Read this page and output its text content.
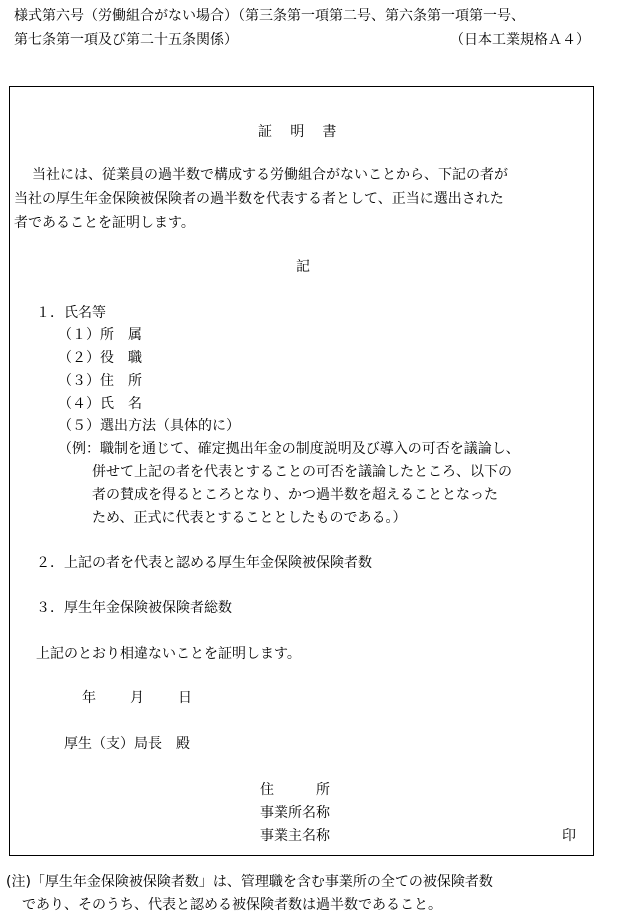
様式第六号（労働組合がない場合）（第三条第一項第二号、第六条第一項第一号、
第七条第一項及び第二十五条関係）	（日本工業規格Ａ４）
証　明　書
当社には、従業員の過半数で構成する労働組合がないことから、下記の者が
当社の厚生年金保険被保険者の過半数を代表する者として、正当に選出された
者であることを証明します。
記
１．氏名等
（１）所　属
（２）役　職
（３）住　所
（４）氏　名
（５）選出方法（具体的に）
（例： 職制を通じて、確定拠出年金の制度説明及び導入の可否を議論し、
併せて上記の者を代表とすることの可否を議論したところ、以下の
者の賛成を得るところとなり、かつ過半数を超えることとなった
ため、正式に代表とすることとしたものである。）
２．上記の者を代表と認める厚生年金保険被保険者数
３．厚生年金保険被保険者総数
上記のとおり相違ないことを証明します。
年 月 日
厚生（支）局長　殿
住　　　所
事業所名称
事業主名称	印
(注)「厚生年金保険被保険者数」は、管理職を含む事業所の全ての被保険者数
であり、そのうち、代表と認める被保険者数は過半数であること。
